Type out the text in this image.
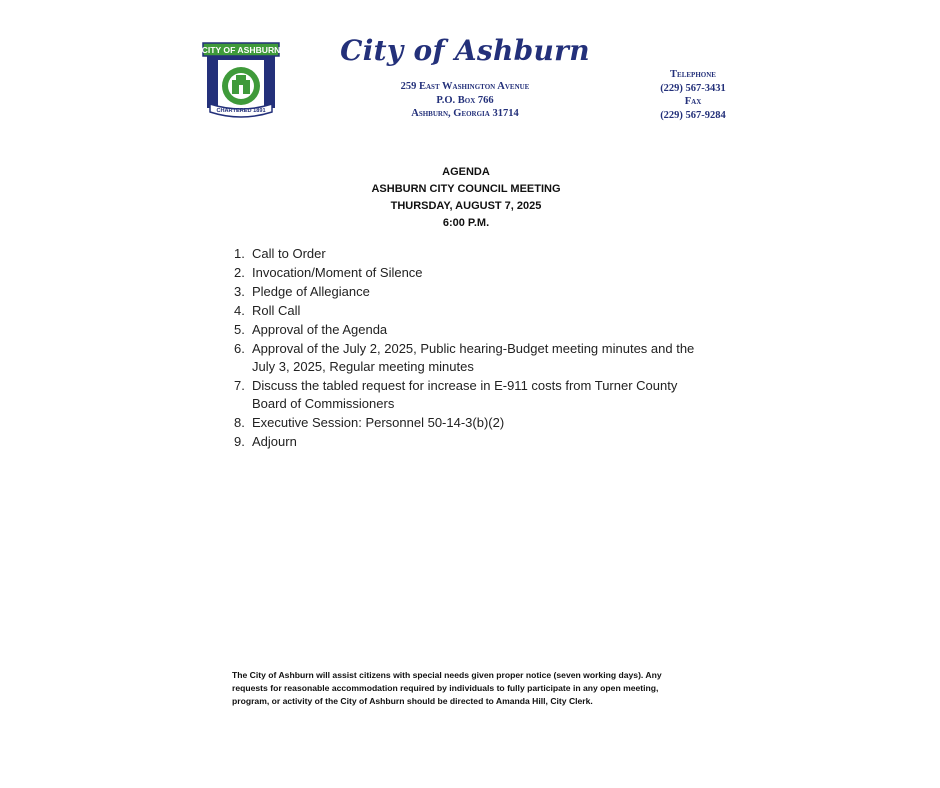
CITY OF ASHBURN
CHARTERED 1891
City of Ashburn
259 East Washington Avenue
P.O. Box 766
Ashburn, Georgia 31714
Telephone
(229) 567-3431
Fax
(229) 567-9284
AGENDA
ASHBURN CITY COUNCIL MEETING
THURSDAY, AUGUST 7, 2025
6:00 P.M.
1. Call to Order
2. Invocation/Moment of Silence
3. Pledge of Allegiance
4. Roll Call
5. Approval of the Agenda
6. Approval of the July 2, 2025, Public hearing-Budget meeting minutes and the July 3, 2025, Regular meeting minutes
7. Discuss the tabled request for increase in E-911 costs from Turner County Board of Commissioners
8. Executive Session: Personnel 50-14-3(b)(2)
9. Adjourn
The City of Ashburn will assist citizens with special needs given proper notice (seven working days). Any requests for reasonable accommodation required by individuals to fully participate in any open meeting, program, or activity of the City of Ashburn should be directed to Amanda Hill, City Clerk.
